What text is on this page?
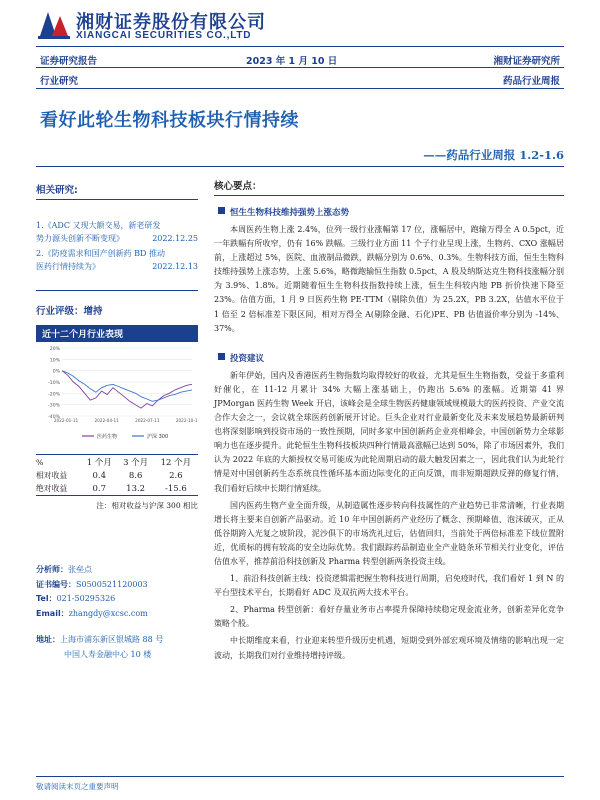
湘财证券股份有限公司
XIANGCAI SECURITIES CO.,LTD
证券研究报告	2023 年 1 月 10 日	湘财证券研究所
行业研究	药品行业周报
看好此轮生物科技板块行情持续
——药品行业周报 1.2-1.6
相关研究:
1.《ADC 又现大额交易，新老研发
势力源头创新不断变现》	2022.12.25
2.《防疫需求和国产创新药 BD 推动
医药行情持续为》	2022.12.13
行业评级：增持
近十二个月行业表现
20%
10%
0%
-10%
-20%
-30%
-40%
2022-01-11	2022-04-11	2022-07-11	2022-10-11
医药生物	沪深 300
%	1 个月	3 个月	12 个月
相对收益	0.4	8.6	2.6
绝对收益	0.7	13.2	-15.6
注：相对收益与沪深 300 相比
分析师：张垒点
证书编号：S0500521120003
Tel：021-50295326
Email：zhangdy@xcsc.com
地址：上海市浦东新区银城路 88 号
中国人寿金融中心 10 楼
核心要点：
恒生生物科技维持强势上涨态势
本周医药生物上涨 2.4%，位列一级行业涨幅第 17 位，涨幅居中，跑输万得全 A 0.5pct，近一年跌幅有所收窄，仍有 16% 跌幅。三级行业方面 11 个子行业呈现上涨，生物药、CXO 涨幅居前，上涨超过 5%，医院、血液制品微跌，跌幅分别为 0.6%、0.3%。生物科技方面，恒生生物科技维持强势上涨态势，上涨 5.6%，略微跑输恒生指数 0.5pct，A 股及纳斯达克生物科技涨幅分别为 3.9%、1.8%。近期随着恒生生物科技指数持续上涨，恒生生科较内地 PB 折价快速下降至 23%。估值方面，1 月 9 日医药生物 PE-TTM（剔除负值）为 25.2X，PB 3.2X，估值水平位于 1 倍至 2 倍标准差下限区间，相对万得全 A(剔除金融、石化)PE、PB 估值溢价率分别为 -14%、37%。
投资建议
新年伊始，国内及香港医药生物指数均取得较好的收益，尤其是恒生生物指数，受益于多重利好催化，在 11-12 月累计 34% 大幅上涨基础上，仍跑出 5.6% 的涨幅。近期第 41 界 JPMorgan 医药生物 Week 开启，该峰会是全球生物医药健康领域规模最大的医药投资、产业交流合作大会之一，会议就全球医药创新展开讨论。巨头企业对行业最新变化及未来发展趋势最新研判也将深刻影响到投资市场的一致性预期，同时多家中国创新药企业亮相峰会，中国创新势力全球影响力也在逐步提升。此轮恒生生物科技板块四种行情最高涨幅已达到 50%，除了市场因素外，我们认为 2022 年底的大额授权交易可能成为此轮周期启动的最大触发因素之一，因此我们认为此轮行情是对中国创新药生态系统良性循环基本面边际变化的正向反馈，而非短期超跌反弹的修复行情，我们看好后续中长期行情延续。
国内医药生物产业全面升级，从制造属性逐步转向科技属性的产业趋势已非常清晰，行业表期增长将主要来自创新产品驱动。近 10 年中国创新药产业经历了概念、预期峰值、泡沫破灭，正从低谷期跨入光复之坡阶段，泥沙俱下的市场洗礼过后，估值回归，当前处于两倍标准差下线位置附近，优质标的拥有较高的安全边际优势。我们跟踪药品制造业全产业链条环节相关行业变化，评估估值水平，推荐前沿科技创新及 Pharma 转型创新两条投资主线。
1、前沿科技创新主线：投资逻辑需把握生物科技进行周期，启免疫时代，我们看好 1 到 N 的平台型技术平台，长期看好 ADC 及双抗两大技术平台。
2、Pharma 转型创新：看好存量业务市占率提升保障持续稳定现金流业务，创新差异化竞争策略个股。
中长期维度来看，行业迎来转型升级历史机遇，短期受到外部宏观环境及情绪的影响出现一定波动，长期我们对行业维持增持评级。
敬请阅读末页之重要声明
